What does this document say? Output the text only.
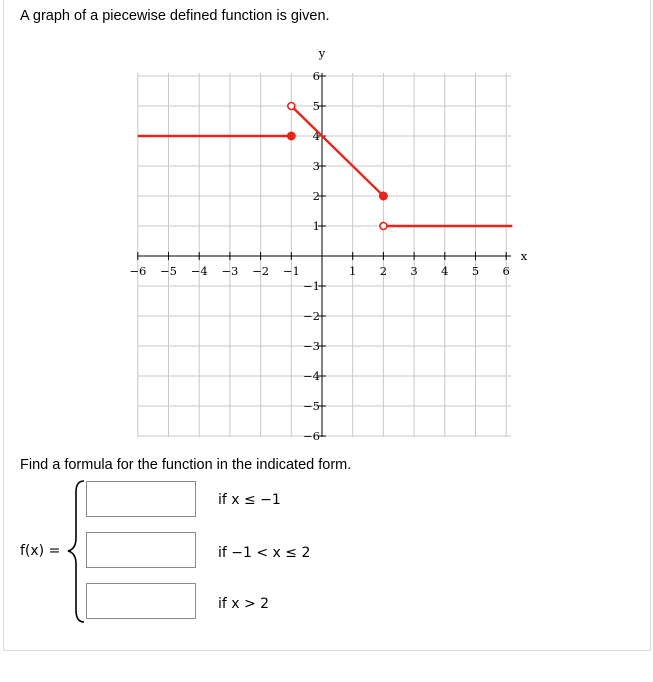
A graph of a piecewise defined function is given.
−6 −5 −4 −3 −2 −1	1 2 3 4 5 6
6
5
4
3
2
1
−1
−2
−3
−4
−5
−6
x
y
Find a formula for the function in the indicated form.
f(x) =
if x ≤ −1
if −1 < x ≤ 2
if x > 2
